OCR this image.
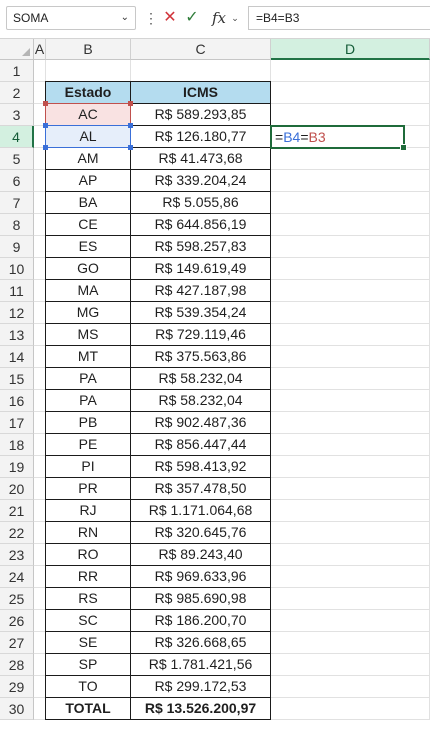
SOMA	⌄ ⋮ ✕ ✓ fx ⌄	=B4=B3
A	B	C	D
1
2
3
4
5
6
7
8
9
10
11
12
13
14
15
16
17
18
19
20
21
22
23
24
25
26
27
28
29
30
Estado	ICMS
AC	R$ 589.293,85
AL	R$ 126.180,77
AM	R$ 41.473,68
AP	R$ 339.204,24
BA	R$ 5.055,86
CE	R$ 644.856,19
ES	R$ 598.257,83
GO	R$ 149.619,49
MA	R$ 427.187,98
MG	R$ 539.354,24
MS	R$ 729.119,46
MT	R$ 375.563,86
PA	R$ 58.232,04
PA	R$ 58.232,04
PB	R$ 902.487,36
PE	R$ 856.447,44
PI	R$ 598.413,92
PR	R$ 357.478,50
RJ	R$ 1.171.064,68
RN	R$ 320.645,76
RO	R$ 89.243,40
RR	R$ 969.633,96
RS	R$ 985.690,98
SC	R$ 186.200,70
SE	R$ 326.668,65
SP	R$ 1.781.421,56
TO	R$ 299.172,53
TOTAL	R$ 13.526.200,97
=B4=B3
